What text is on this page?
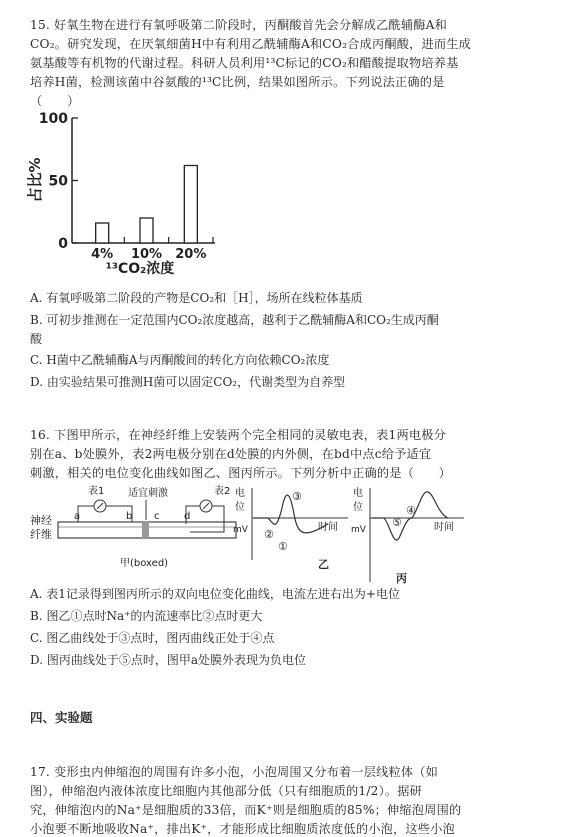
15. 好氧生物在进行有氧呼吸第二阶段时，丙酮酸首先会分解成乙酰辅酶A和
CO₂。研究发现，在厌氧细菌H中有利用乙酰辅酶A和CO₂合成丙酮酸，进而生成
氨基酸等有机物的代谢过程。科研人员利用¹³C标记的CO₂和醋酸提取物培养基
培养H菌，检测该菌中谷氨酸的¹³C比例，结果如图所示。下列说法正确的是
（　　）
占比%
0
50
100
4% 10% 20%
¹³CO₂浓度
A. 有氧呼吸第二阶段的产物是CO₂和［H］，场所在线粒体基质
B. 可初步推测在一定范围内CO₂浓度越高，越利于乙酰辅酶A和CO₂生成丙酮
酸
C. H菌中乙酰辅酶A与丙酮酸间的转化方向依赖CO₂浓度
D. 由实验结果可推测H菌可以固定CO₂，代谢类型为自养型
16. 下图甲所示，在神经纤维上安装两个完全相同的灵敏电表，表1两电极分
别在a、b处膜外，表2两电极分别在d处膜的内外侧，在bd中点c给予适宜
刺激，相关的电位变化曲线如图乙、图丙所示。下列分析中正确的是（　　）
神经
纤维
a	b c d
表1 适宜刺激	表2
甲(boxed)
电
位
mV	时间
①
②
③
乙
电
位
mV	时间
④
⑤
丙
A. 表1记录得到图丙所示的双向电位变化曲线，电流左进右出为+电位
B. 图乙①点时Na⁺的内流速率比②点时更大
C. 图乙曲线处于③点时，图丙曲线正处于④点
D. 图丙曲线处于⑤点时，图甲a处膜外表现为负电位
四、实验题
17. 变形虫内伸缩泡的周围有许多小泡，小泡周围又分布着一层线粒体（如
图），伸缩泡内液体浓度比细胞内其他部分低（只有细胞质的1/2）。据研
究，伸缩泡内的Na⁺是细胞质的33倍，而K⁺则是细胞质的85%；伸缩泡周围的
小泡要不断地吸收Na⁺，排出K⁺，才能形成比细胞质浓度低的小泡，这些小泡
